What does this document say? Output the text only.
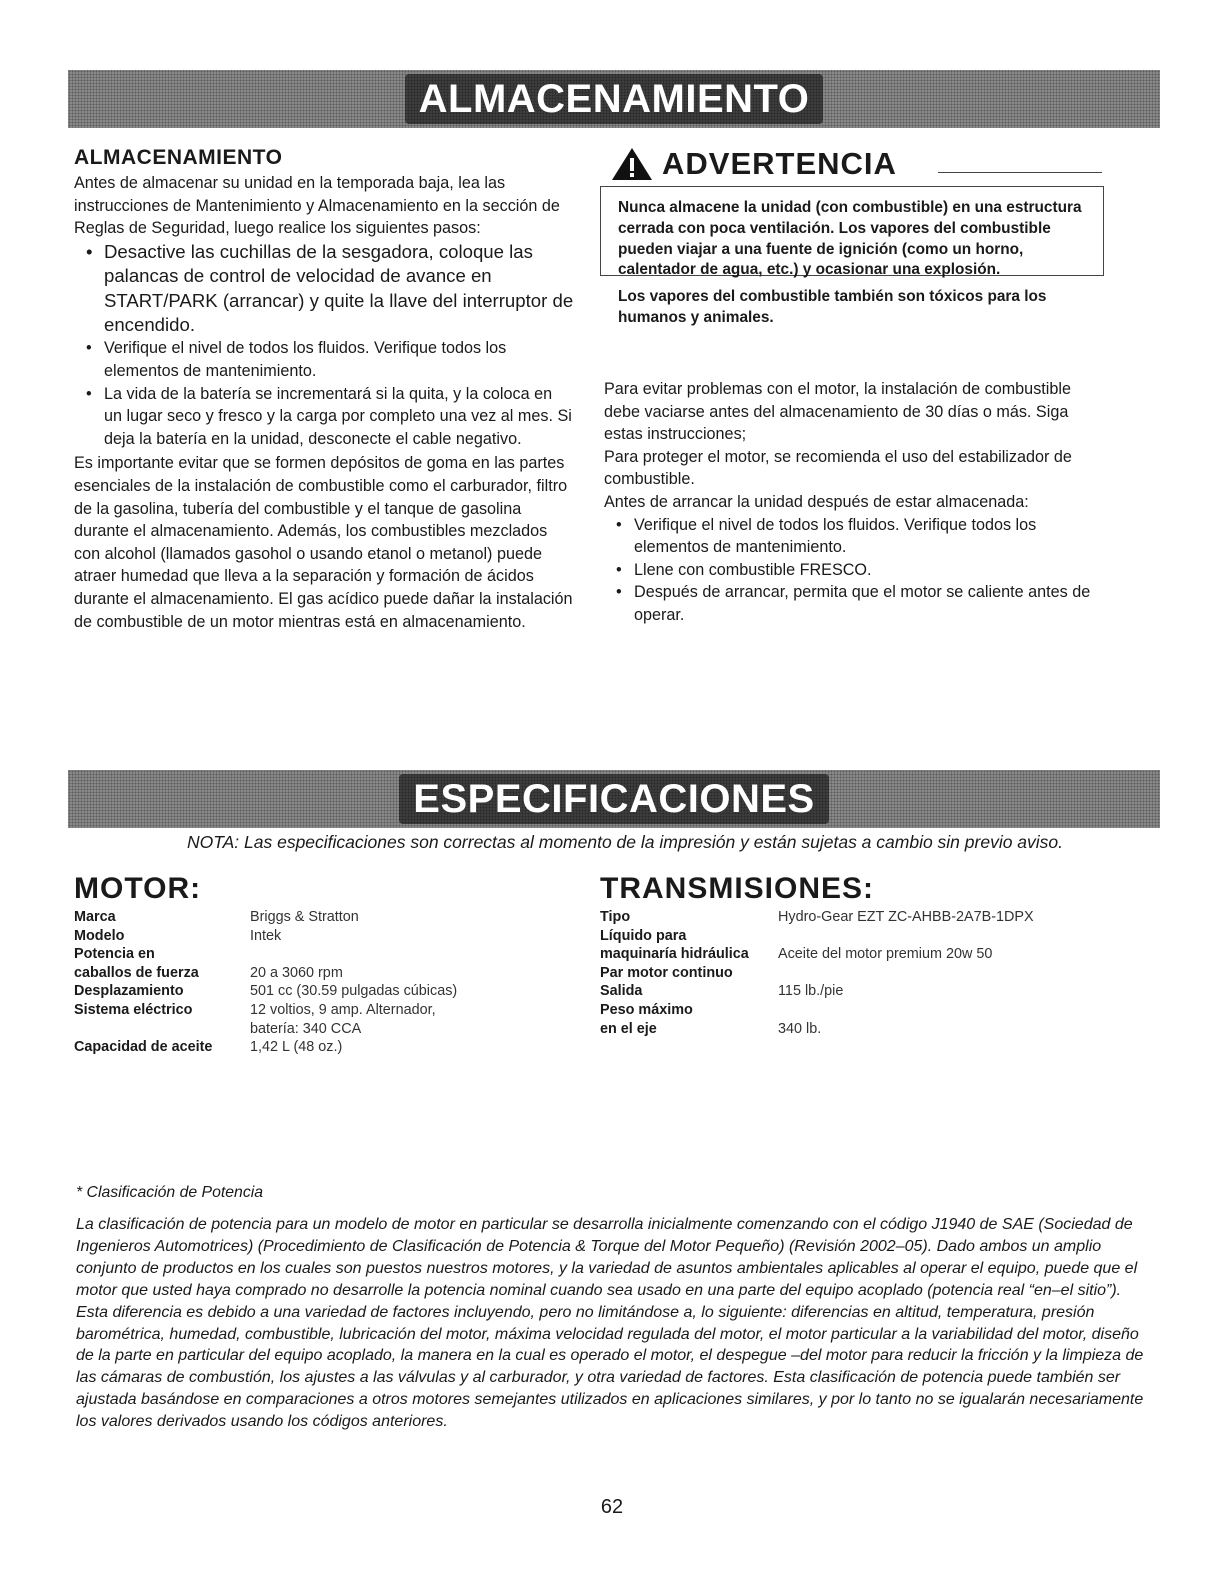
ALMACENAMIENTO
ALMACENAMIENTO

Antes de almacenar su unidad en la temporada baja, lea las instrucciones de Mantenimiento y Almacenamiento en la sección de Reglas de Seguridad, luego realice los siguientes pasos:

• Desactive las cuchillas de la sesgadora, coloque las palancas de control de velocidad de avance en START/PARK (arrancar) y quite la llave del interruptor de encendido.
• Verifique el nivel de todos los fluidos. Verifique todos los elementos de mantenimiento.
• La vida de la batería se incrementará si la quita, y la coloca en un lugar seco y fresco y la carga por completo una vez al mes. Si deja la batería en la unidad, desconecte el cable negativo.

Es importante evitar que se formen depósitos de goma en las partes esenciales de la instalación de combustible como el carburador, filtro de la gasolina, tubería del combustible y el tanque de gasolina durante el almacenamiento. Además, los combustibles mezclados con alcohol (llamados gasohol o usando etanol o metanol) puede atraer humedad que lleva a la separación y formación de ácidos durante el almacenamiento. El gas acídico puede dañar la instalación de combustible de un motor mientras está en almacenamiento.

ADVERTENCIA

Nunca almacene la unidad (con combustible) en una estructura cerrada con poca ventilación. Los vapores del combustible pueden viajar a una fuente de ignición (como un horno, calentador de agua, etc.) y ocasionar una explosión.

Los vapores del combustible también son tóxicos para los humanos y animales.

Para evitar problemas con el motor, la instalación de combustible debe vaciarse antes del almacenamiento de 30 días o más. Siga estas instrucciones;

Para proteger el motor, se recomienda el uso del estabilizador de combustible.

Antes de arrancar la unidad después de estar almacenada:

• Verifique el nivel de todos los fluidos. Verifique todos los elementos de mantenimiento.
• Llene con combustible FRESCO.
• Después de arrancar, permita que el motor se caliente antes de operar.
ESPECIFICACIONES
NOTA: Las especificaciones son correctas al momento de la impresión y están sujetas a cambio sin previo aviso.
MOTOR:
Marca	Briggs & Stratton
Modelo	Intek
Potencia en	
caballos de fuerza	20 a 3060 rpm
Desplazamiento	501 cc (30.59 pulgadas cúbicas)
Sistema eléctrico	12 voltios, 9 amp. Alternador,
	batería: 340 CCA
Capacidad de aceite	1,42 L (48 oz.)
TRANSMISIONES:
Tipo	Hydro-Gear EZT ZC-AHBB-2A7B-1DPX
Líquido para	
maquinaría hidráulica	Aceite del motor premium 20w 50
Par motor continuo	
Salida	115 lb./pie
Peso máximo	
en el eje	340 lb.
* Clasificación de Potencia

La clasificación de potencia para un modelo de motor en particular se desarrolla inicialmente comenzando con el código J1940 de SAE (Sociedad de Ingenieros Automotrices) (Procedimiento de Clasificación de Potencia & Torque del Motor Pequeño) (Revisión 2002–05). Dado ambos un amplio conjunto de productos en los cuales son puestos nuestros motores, y la variedad de asuntos ambientales aplicables al operar el equipo, puede que el motor que usted haya comprado no desarrolle la potencia nominal cuando sea usado en una parte del equipo acoplado (potencia real “en–el sitio”). Esta diferencia es debido a una variedad de factores incluyendo, pero no limitándose a, lo siguiente: diferencias en altitud, temperatura, presión barométrica, humedad, combustible, lubricación del motor, máxima velocidad regulada del motor, el motor particular a la variabilidad del motor, diseño de la parte en particular del equipo acoplado, la manera en la cual es operado el motor, el despegue –del motor para reducir la fricción y la limpieza de las cámaras de combustión, los ajustes a las válvulas y al carburador, y otra variedad de factores. Esta clasificación de potencia puede también ser ajustada basándose en comparaciones a otros motores semejantes utilizados en aplicaciones similares, y por lo tanto no se igualarán necesariamente los valores derivados usando los códigos anteriores.

62
